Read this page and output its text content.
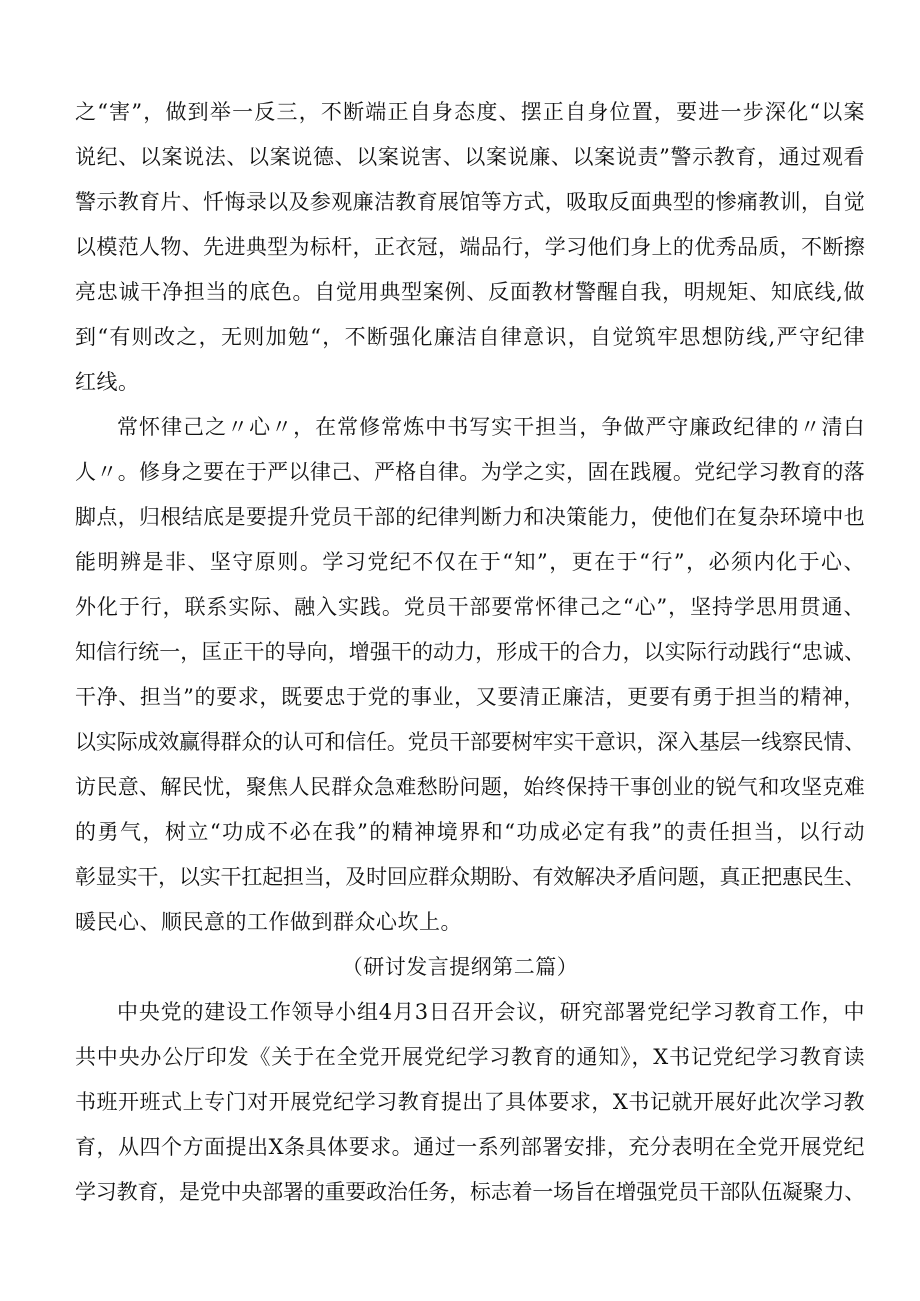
之“害”，做到举一反三，不断端正自身态度、摆正自身位置，要进一步深化“以案
说纪、以案说法、以案说德、以案说害、以案说廉、以案说责”警示教育，通过观看
警示教育片、忏悔录以及参观廉洁教育展馆等方式，吸取反面典型的惨痛教训，自觉
以模范人物、先进典型为标杆，正衣冠，端品行，学习他们身上的优秀品质，不断擦
亮忠诚干净担当的底色。自觉用典型案例、反面教材警醒自我，明规矩、知底线,做
到“有则改之，无则加勉“，不断强化廉洁自律意识，自觉筑牢思想防线,严守纪律
红线。
常怀律己之〃心〃，在常修常炼中书写实干担当，争做严守廉政纪律的〃清白
人〃。修身之要在于严以律己、严格自律。为学之实，固在践履。党纪学习教育的落
脚点，归根结底是要提升党员干部的纪律判断力和决策能力，使他们在复杂环境中也
能明辨是非、坚守原则。学习党纪不仅在于“知”，更在于“行”，必须内化于心、
外化于行，联系实际、融入实践。党员干部要常怀律己之“心”，坚持学思用贯通、
知信行统一，匡正干的导向，增强干的动力，形成干的合力，以实际行动践行“忠诚、
干净、担当”的要求，既要忠于党的事业，又要清正廉洁，更要有勇于担当的精神，
以实际成效赢得群众的认可和信任。党员干部要树牢实干意识，深入基层一线察民情、
访民意、解民忧，聚焦人民群众急难愁盼问题，始终保持干事创业的锐气和攻坚克难
的勇气，树立“功成不必在我”的精神境界和“功成必定有我”的责任担当，以行动
彰显实干，以实干扛起担当，及时回应群众期盼、有效解决矛盾问题，真正把惠民生、
暖民心、顺民意的工作做到群众心坎上。
（研讨发言提纲第二篇）
中央党的建设工作领导小组4月3日召开会议，研究部署党纪学习教育工作，中
共中央办公厅印发《关于在全党开展党纪学习教育的通知》，X书记党纪学习教育读
书班开班式上专门对开展党纪学习教育提出了具体要求，X书记就开展好此次学习教
育，从四个方面提出X条具体要求。通过一系列部署安排，充分表明在全党开展党纪
学习教育，是党中央部署的重要政治任务，标志着一场旨在增强党员干部队伍凝聚力、
